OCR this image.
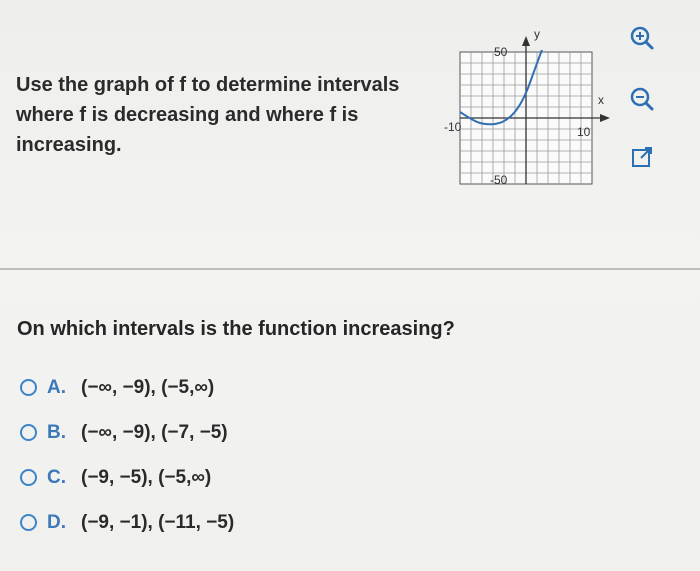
Use the graph of f to determine intervals
where f is decreasing and where f is
increasing.
y
x
50
-50
-10	10
On which intervals is the function increasing?
A. (−∞, −9), (−5,∞)
B. (−∞, −9), (−7, −5)
C. (−9, −5), (−5,∞)
D. (−9, −1), (−11, −5)
